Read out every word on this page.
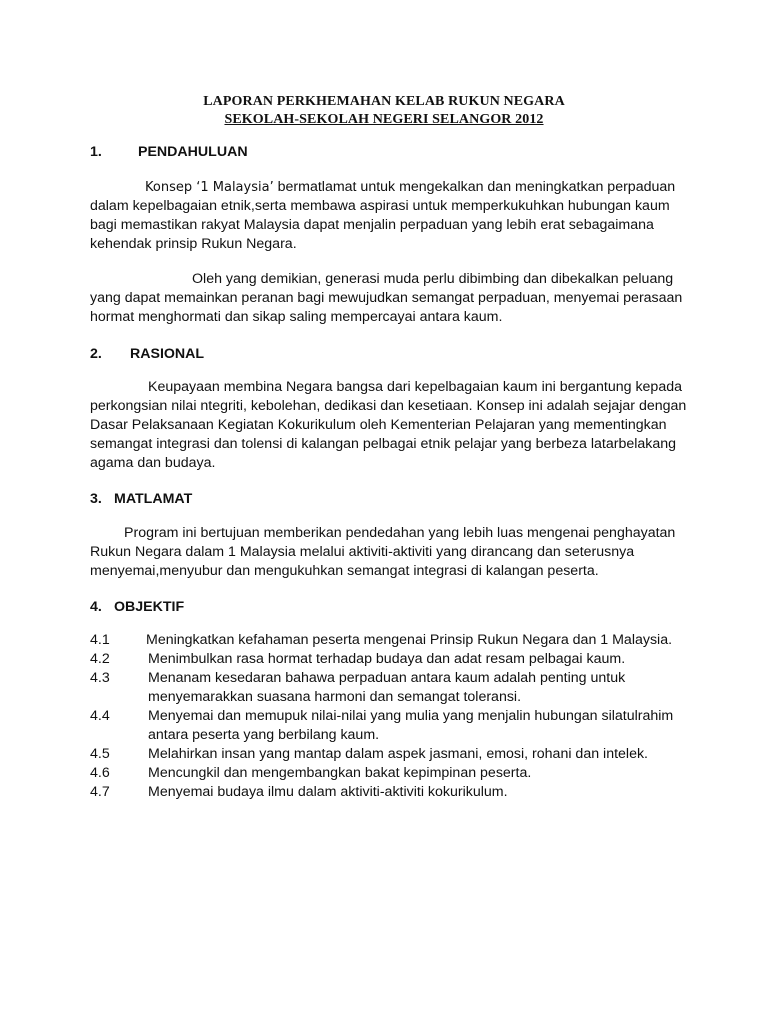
LAPORAN PERKHEMAHAN KELAB RUKUN NEGARA
SEKOLAH-SEKOLAH NEGERI SELANGOR 2012
1.	PENDAHULUAN

Konsep ‘1 Malaysia’ bermatlamat untuk mengekalkan dan meningkatkan perpaduan

dalam kepelbagaian etnik,serta membawa aspirasi untuk memperkukuhkan hubungan kaum

bagi memastikan rakyat Malaysia dapat menjalin perpaduan yang lebih erat sebagaimana

kehendak prinsip Rukun Negara.

Oleh yang demikian, generasi muda perlu dibimbing dan dibekalkan peluang

yang dapat memainkan peranan bagi mewujudkan semangat perpaduan, menyemai perasaan

hormat menghormati dan sikap saling mempercayai antara kaum.

2. RASIONAL

Keupayaan membina Negara bangsa dari kepelbagaian kaum ini bergantung kepada

perkongsian nilai ntegriti, kebolehan, dedikasi dan kesetiaan. Konsep ini adalah sejajar dengan

Dasar Pelaksanaan Kegiatan Kokurikulum oleh Kementerian Pelajaran yang mementingkan

semangat integrasi dan tolensi di kalangan pelbagai etnik pelajar yang berbeza latarbelakang

agama dan budaya.

3. MATLAMAT

Program ini bertujuan memberikan pendedahan yang lebih luas mengenai penghayatan

Rukun Negara dalam 1 Malaysia melalui aktiviti-aktiviti yang dirancang dan seterusnya

menyemai,menyubur dan mengukuhkan semangat integrasi di kalangan peserta.

4. OBJEKTIF
4.1	Meningkatkan kefahaman peserta mengenai Prinsip Rukun Negara dan 1 Malaysia.
4.2	Menimbulkan rasa hormat terhadap budaya dan adat resam pelbagai kaum.
4.3	Menanam kesedaran bahawa perpaduan antara kaum adalah penting untuk
menyemarakkan suasana harmoni dan semangat toleransi.
4.4	Menyemai dan memupuk nilai-nilai yang mulia yang menjalin hubungan silatulrahim
antara peserta yang berbilang kaum.
4.5	Melahirkan insan yang mantap dalam aspek jasmani, emosi, rohani dan intelek.
4.6	Mencungkil dan mengembangkan bakat kepimpinan peserta.
4.7	Menyemai budaya ilmu dalam aktiviti-aktiviti kokurikulum.
